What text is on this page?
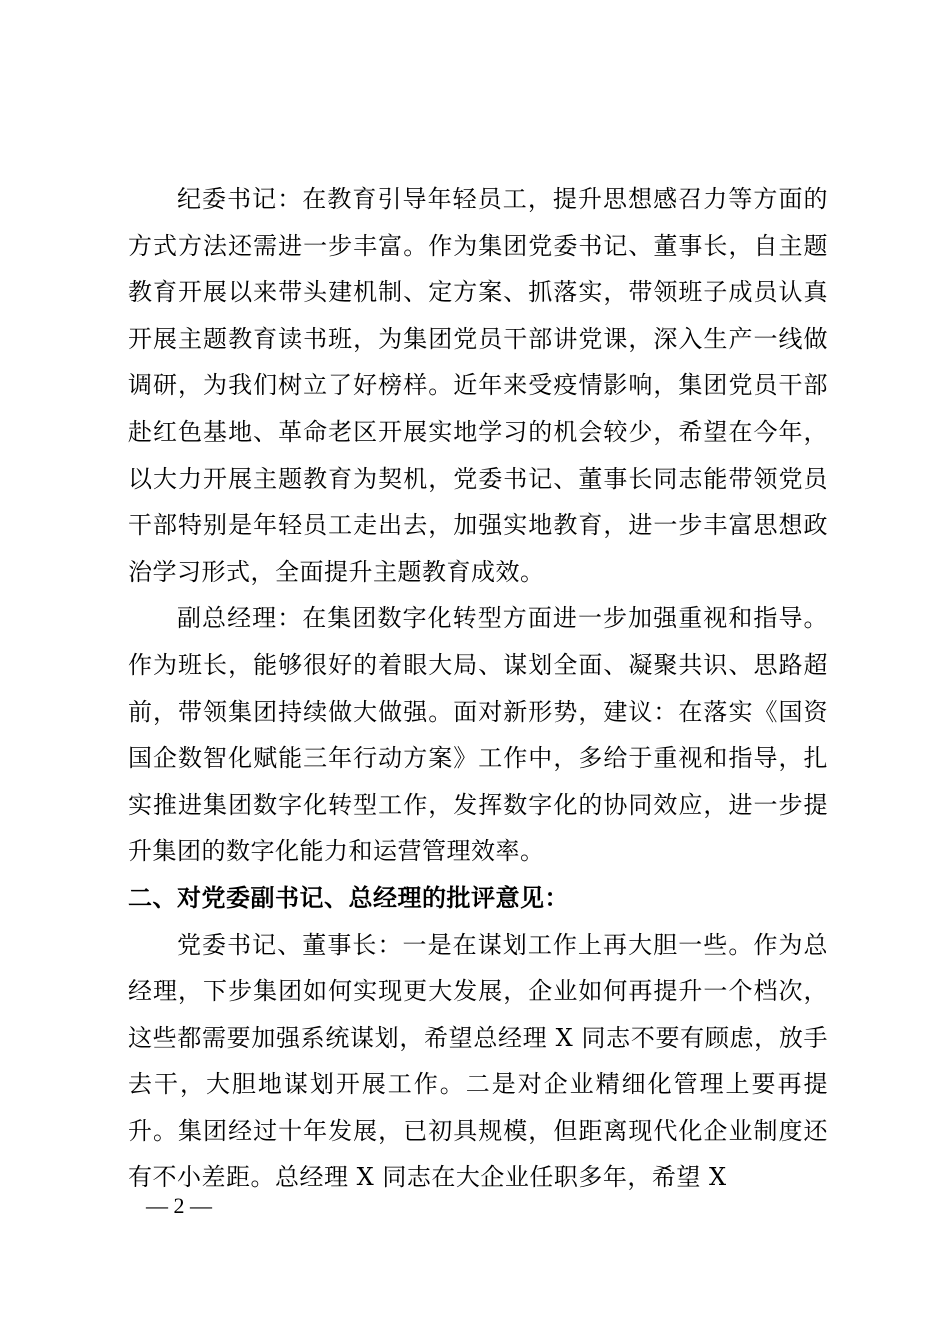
纪委书记：在教育引导年轻员工，提升思想感召力等方面的方式方法还需进一步丰富。作为集团党委书记、董事长，自主题教育开展以来带头建机制、定方案、抓落实，带领班子成员认真开展主题教育读书班，为集团党员干部讲党课，深入生产一线做调研，为我们树立了好榜样。近年来受疫情影响，集团党员干部赴红色基地、革命老区开展实地学习的机会较少，希望在今年，以大力开展主题教育为契机，党委书记、董事长同志能带领党员干部特别是年轻员工走出去，加强实地教育，进一步丰富思想政治学习形式，全面提升主题教育成效。

副总经理：在集团数字化转型方面进一步加强重视和指导。作为班长，能够很好的着眼大局、谋划全面、凝聚共识、思路超前，带领集团持续做大做强。面对新形势，建议：在落实《国资国企数智化赋能三年行动方案》工作中，多给于重视和指导，扎实推进集团数字化转型工作，发挥数字化的协同效应，进一步提升集团的数字化能力和运营管理效率。

二、对党委副书记、总经理的批评意见：

党委书记、董事长：一是在谋划工作上再大胆一些。作为总经理，下步集团如何实现更大发展，企业如何再提升一个档次，这些都需要加强系统谋划，希望总经理 X 同志不要有顾虑，放手去干，大胆地谋划开展工作。二是对企业精细化管理上要再提升。集团经过十年发展，已初具规模，但距离现代化企业制度还有不小差距。总经理 X 同志在大企业任职多年，希望 X

— 2 —
